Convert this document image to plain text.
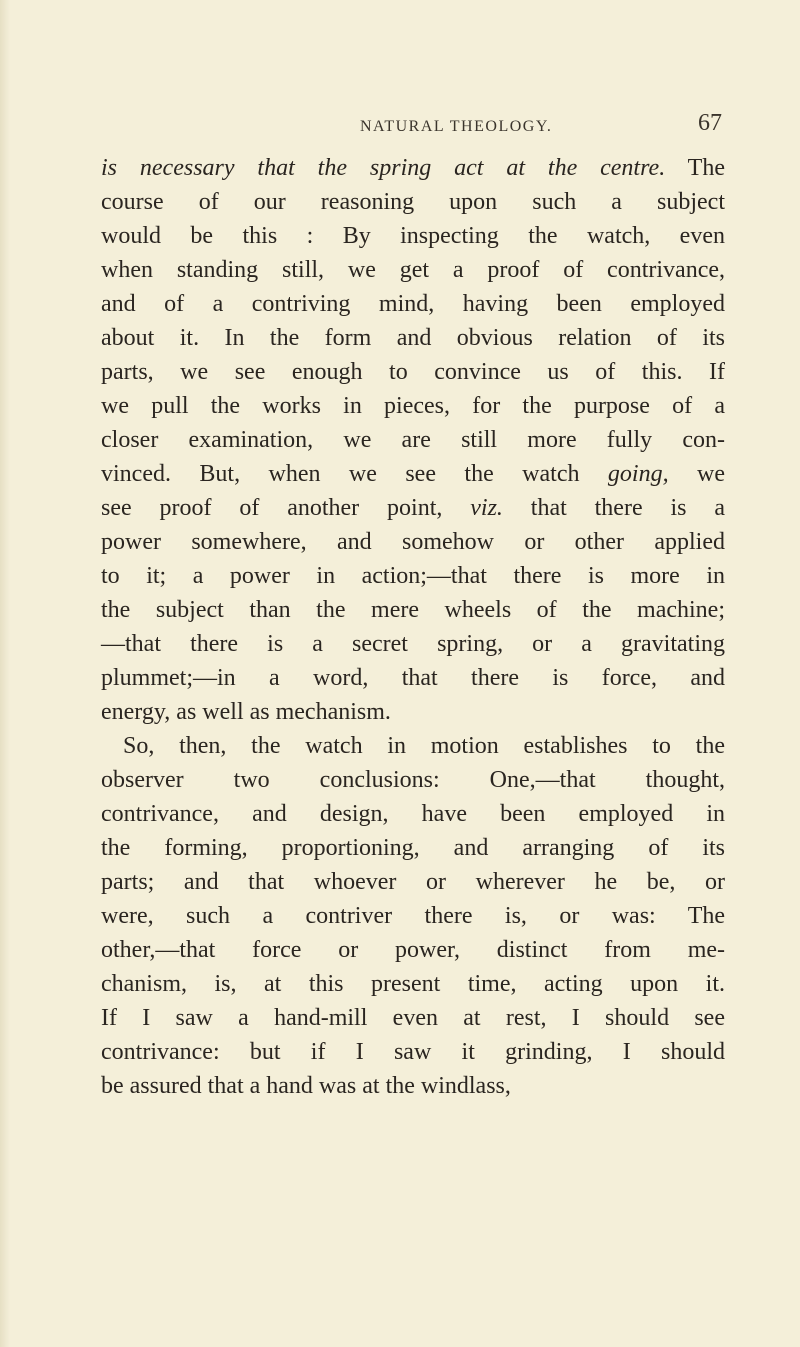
NATURAL THEOLOGY.	67
is necessary that the spring act at the centre. The
course of our reasoning upon such a subject
would be this : By inspecting the watch, even
when standing still, we get a proof of contrivance,
and of a contriving mind, having been employed
about it. In the form and obvious relation of its
parts, we see enough to convince us of this. If
we pull the works in pieces, for the purpose of a
closer examination, we are still more fully con-
vinced. But, when we see the watch going, we
see proof of another point, viz. that there is a
power somewhere, and somehow or other applied
to it; a power in action;—that there is more in
the subject than the mere wheels of the machine;
—that there is a secret spring, or a gravitating
plummet;—in a word, that there is force, and
energy, as well as mechanism.
So, then, the watch in motion establishes to the
observer two conclusions: One,—that thought,
contrivance, and design, have been employed in
the forming, proportioning, and arranging of its
parts; and that whoever or wherever he be, or
were, such a contriver there is, or was: The
other,—that force or power, distinct from me-
chanism, is, at this present time, acting upon it.
If I saw a hand-mill even at rest, I should see
contrivance: but if I saw it grinding, I should
be assured that a hand was at the windlass,
